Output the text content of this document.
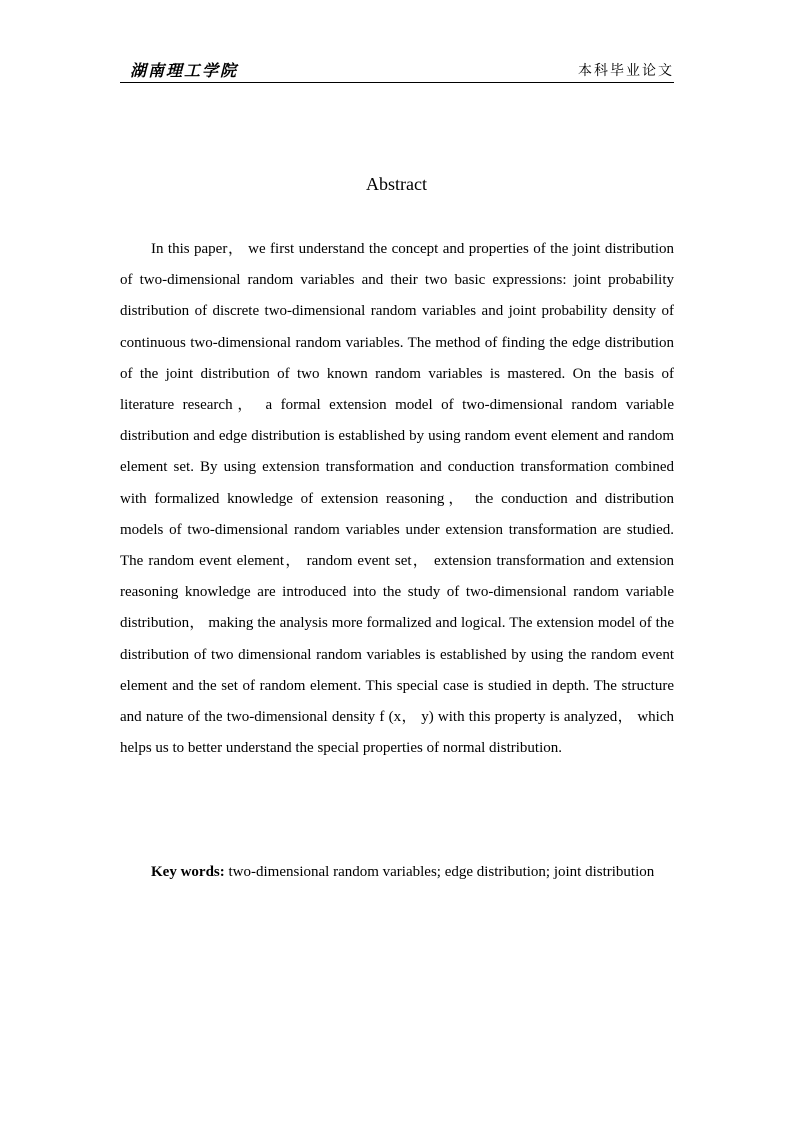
湖南理工学院	本科毕业论文
Abstract

In this paper， we first understand the concept and properties of the joint distribution of two-dimensional random variables and their two basic expressions: joint probability distribution of discrete two-dimensional random variables and joint probability density of continuous two-dimensional random variables. The method of finding the edge distribution of the joint distribution of two known random variables is mastered. On the basis of literature research， a formal extension model of two-dimensional random variable distribution and edge distribution is established by using random event element and random element set. By using extension transformation and conduction transformation combined with formalized knowledge of extension reasoning， the conduction and distribution models of two-dimensional random variables under extension transformation are studied. The random event element， random event set， extension transformation and extension reasoning knowledge are introduced into the study of two-dimensional random variable distribution， making the analysis more formalized and logical. The extension model of the distribution of two dimensional random variables is established by using the random event element and the set of random element. This special case is studied in depth. The structure and nature of the two-dimensional density f (x， y) with this property is analyzed， which helps us to better understand the special properties of normal distribution.

Key words: two-dimensional random variables; edge distribution; joint distribution
